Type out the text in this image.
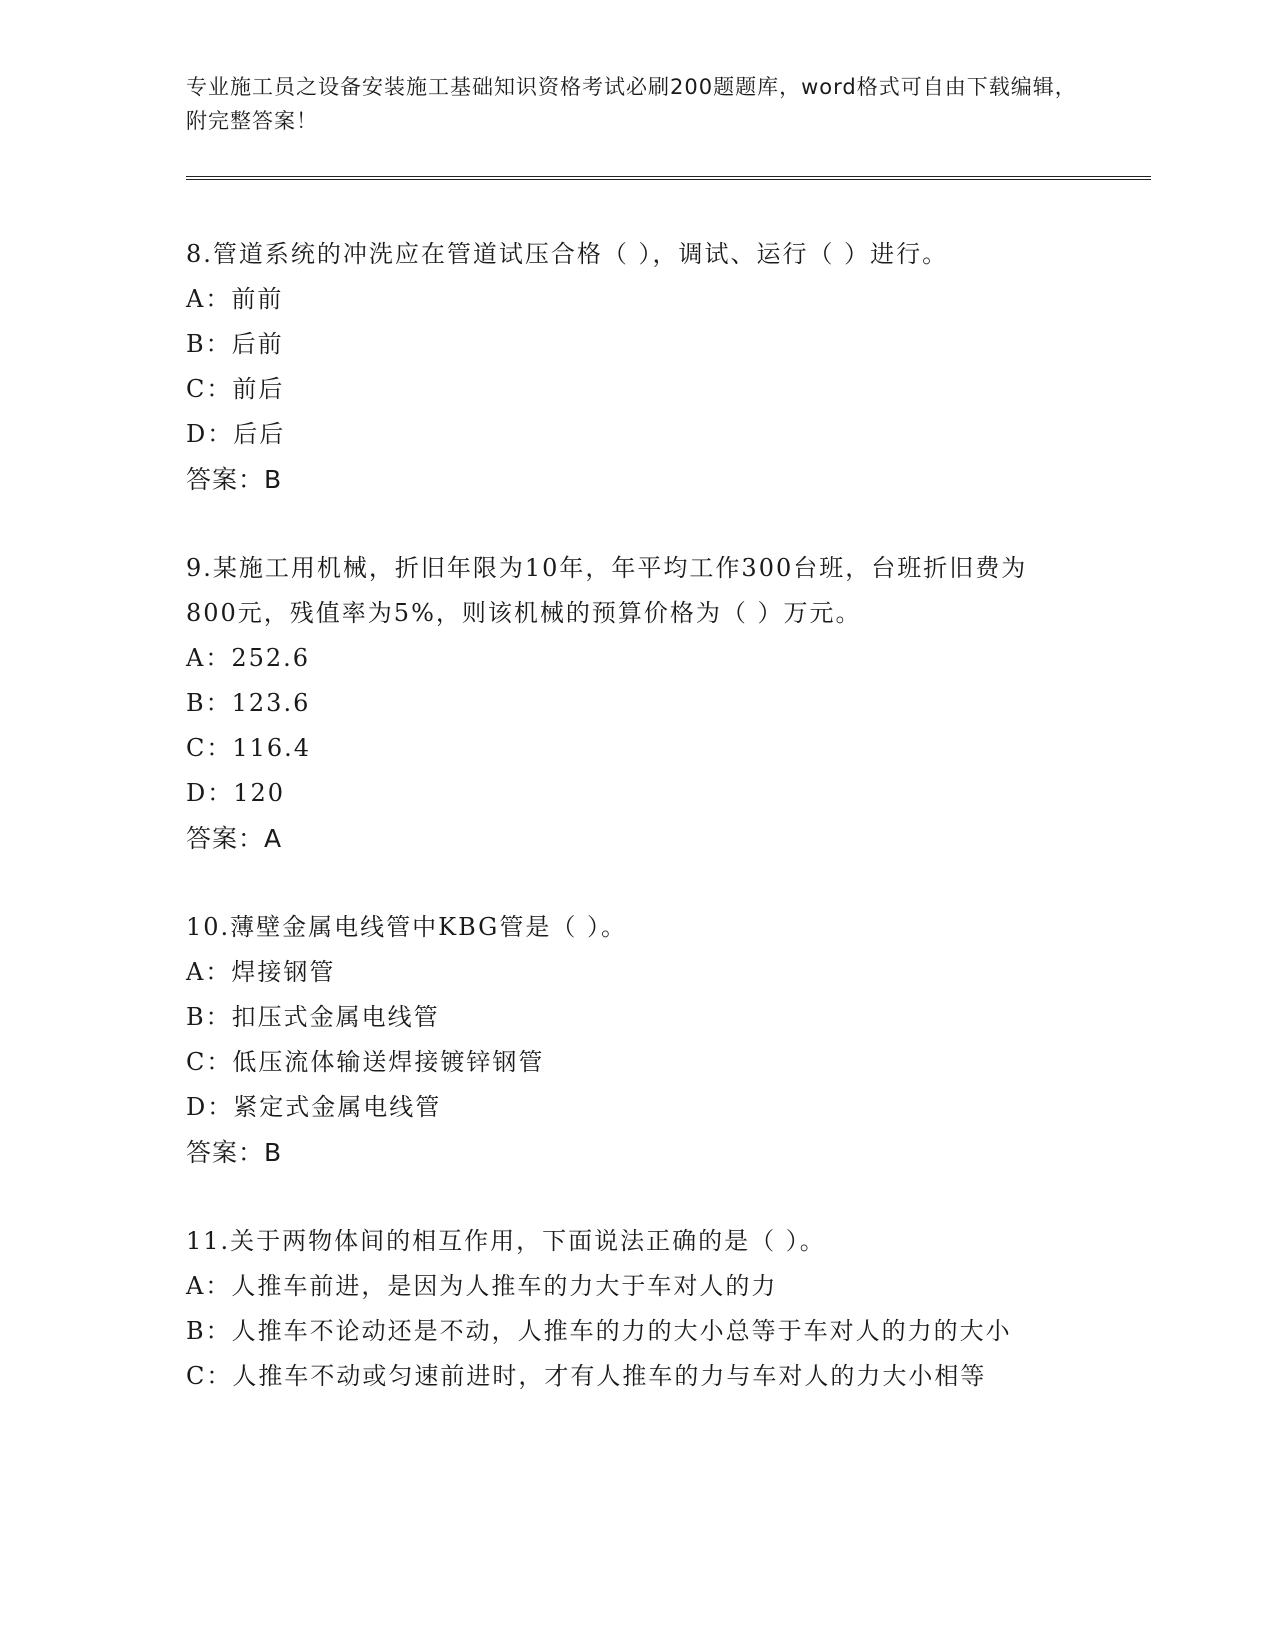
专业施工员之设备安装施工基础知识资格考试必刷200题题库，word格式可自由下载编辑，附完整答案！
8.管道系统的冲洗应在管道试压合格（ ），调试、运行（ ）进行。
A：前前
B：后前
C：前后
D：后后
答案：B
9.某施工用机械，折旧年限为10年，年平均工作300台班，台班折旧费为800元，残值率为5%，则该机械的预算价格为（ ）万元。
A：252.6
B：123.6
C：116.4
D：120
答案：A
10.薄壁金属电线管中KBG管是（ ）。
A：焊接钢管
B：扣压式金属电线管
C：低压流体输送焊接镀锌钢管
D：紧定式金属电线管
答案：B
11.关于两物体间的相互作用，下面说法正确的是（ ）。
A：人推车前进，是因为人推车的力大于车对人的力
B：人推车不论动还是不动，人推车的力的大小总等于车对人的力的大小
C：人推车不动或匀速前进时，才有人推车的力与车对人的力大小相等
